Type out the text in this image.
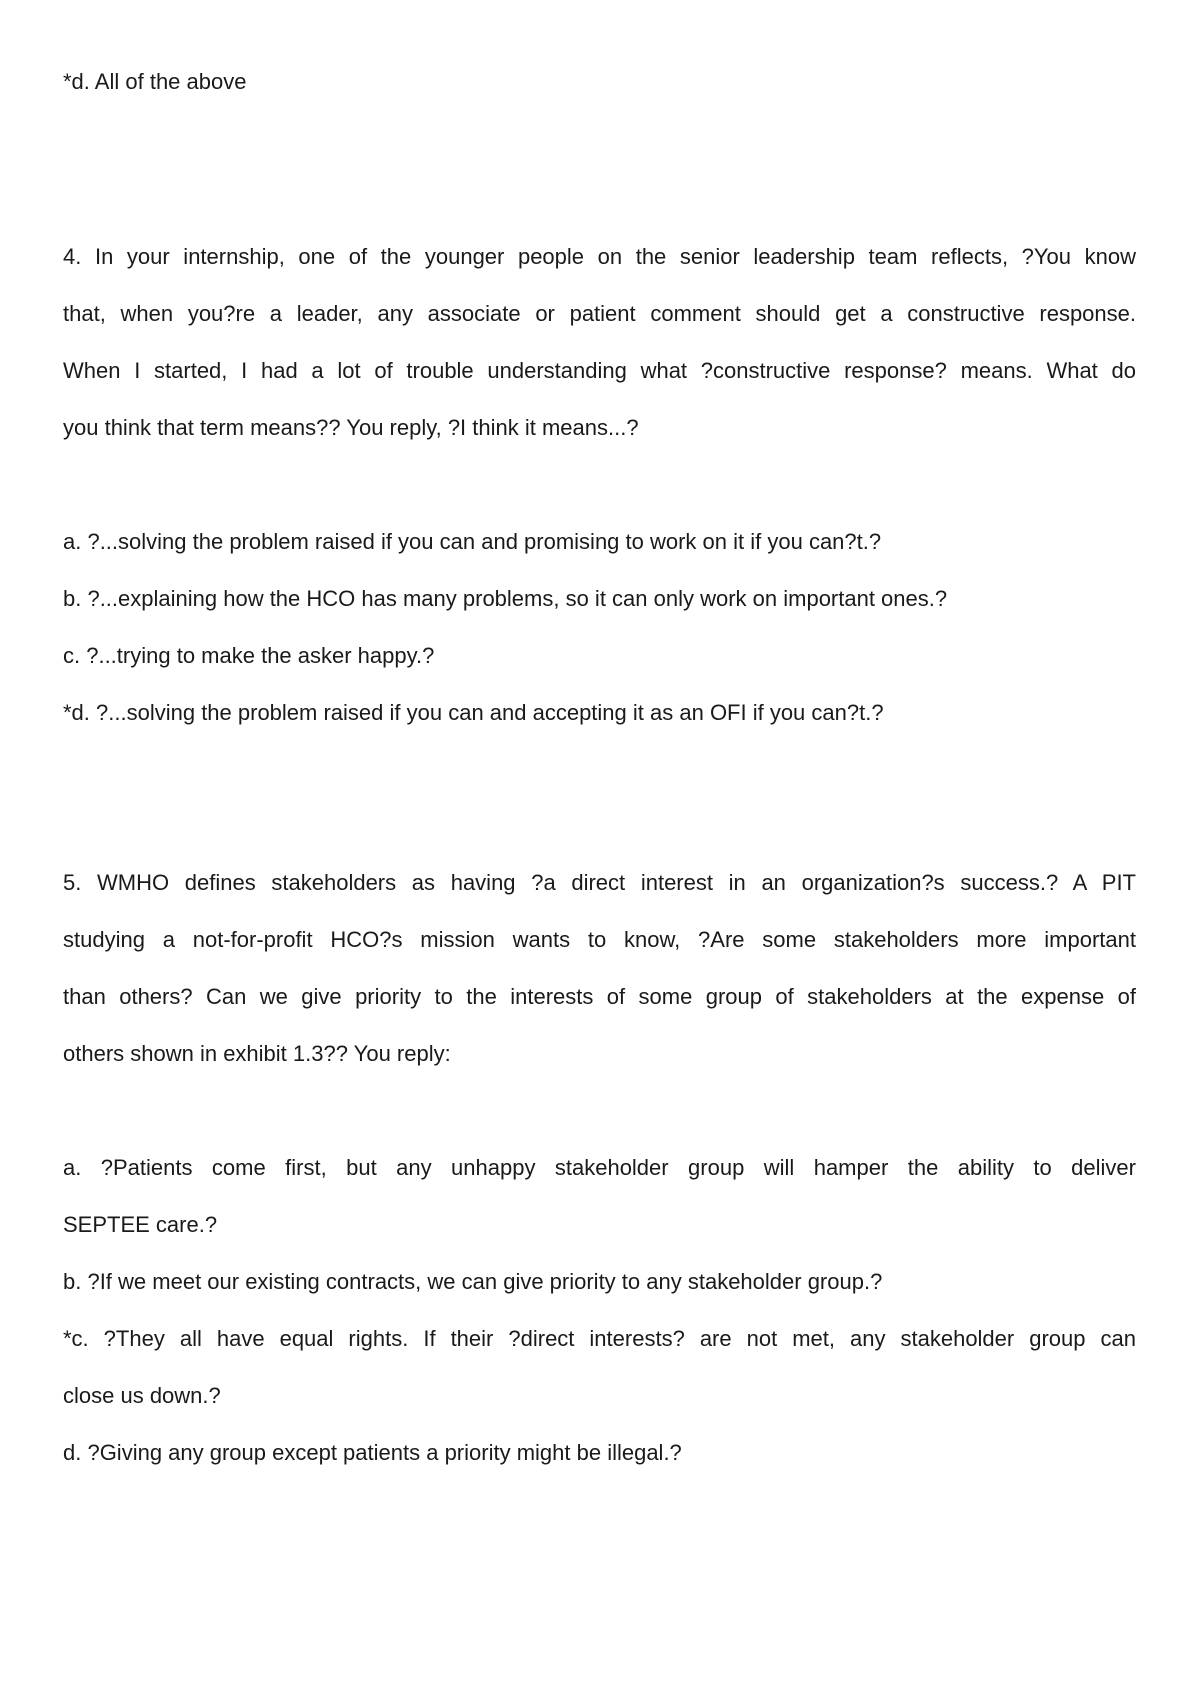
*d. All of the above
4. In your internship, one of the younger people on the senior leadership team reflects, ?You know
that, when you?re a leader, any associate or patient comment should get a constructive response.
When I started, I had a lot of trouble understanding what ?constructive response? means. What do
you think that term means?? You reply, ?I think it means...?
a. ?...solving the problem raised if you can and promising to work on it if you can?t.?
b. ?...explaining how the HCO has many problems, so it can only work on important ones.?
c. ?...trying to make the asker happy.?
*d. ?...solving the problem raised if you can and accepting it as an OFI if you can?t.?
5. WMHO defines stakeholders as having ?a direct interest in an organization?s success.? A PIT
studying a not-for-profit HCO?s mission wants to know, ?Are some stakeholders more important
than others? Can we give priority to the interests of some group of stakeholders at the expense of
others shown in exhibit 1.3?? You reply:
a. ?Patients come first, but any unhappy stakeholder group will hamper the ability to deliver
SEPTEE care.?
b. ?If we meet our existing contracts, we can give priority to any stakeholder group.?
*c. ?They all have equal rights. If their ?direct interests? are not met, any stakeholder group can
close us down.?
d. ?Giving any group except patients a priority might be illegal.?
